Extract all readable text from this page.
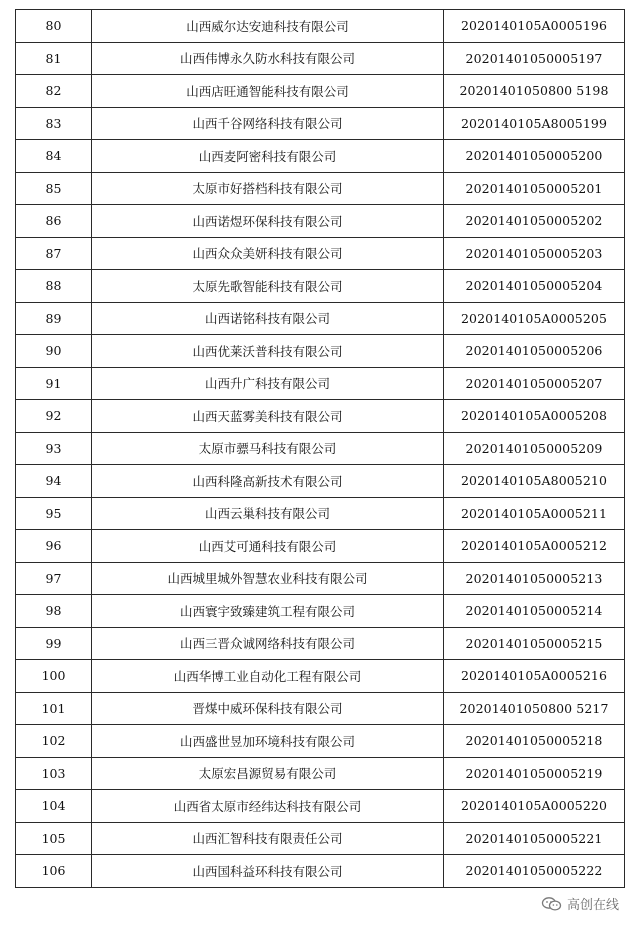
80	山西威尔达安迪科技有限公司	2020140105A0005196
81	山西伟博永久防水科技有限公司	20201401050005197
82	山西店旺通智能科技有限公司	20201401050800 5198
83	山西千谷网络科技有限公司	2020140105A8005199
84	山西麦阿密科技有限公司	20201401050005200
85	太原市好搭档科技有限公司	20201401050005201
86	山西诺煜环保科技有限公司	20201401050005202
87	山西众众美妍科技有限公司	20201401050005203
88	太原先歌智能科技有限公司	20201401050005204
89	山西诺铭科技有限公司	2020140105A0005205
90	山西优莱沃普科技有限公司	20201401050005206
91	山西升广科技有限公司	20201401050005207
92	山西天蓝雾美科技有限公司	2020140105A0005208
93	太原市骠马科技有限公司	20201401050005209
94	山西科隆高新技术有限公司	2020140105A8005210
95	山西云巢科技有限公司	2020140105A0005211
96	山西艾可通科技有限公司	2020140105A0005212
97	山西城里城外智慧农业科技有限公司	20201401050005213
98	山西寰宇致臻建筑工程有限公司	20201401050005214
99	山西三晋众诚网络科技有限公司	20201401050005215
100	山西华博工业自动化工程有限公司	2020140105A0005216
101	晋煤中威环保科技有限公司	20201401050800 5217
102	山西盛世昱加环境科技有限公司	20201401050005218
103	太原宏昌源贸易有限公司	20201401050005219
104	山西省太原市经纬达科技有限公司	2020140105A0005220
105	山西汇智科技有限责任公司	20201401050005221
106	山西国科益环科技有限公司	20201401050005222
高创在线
